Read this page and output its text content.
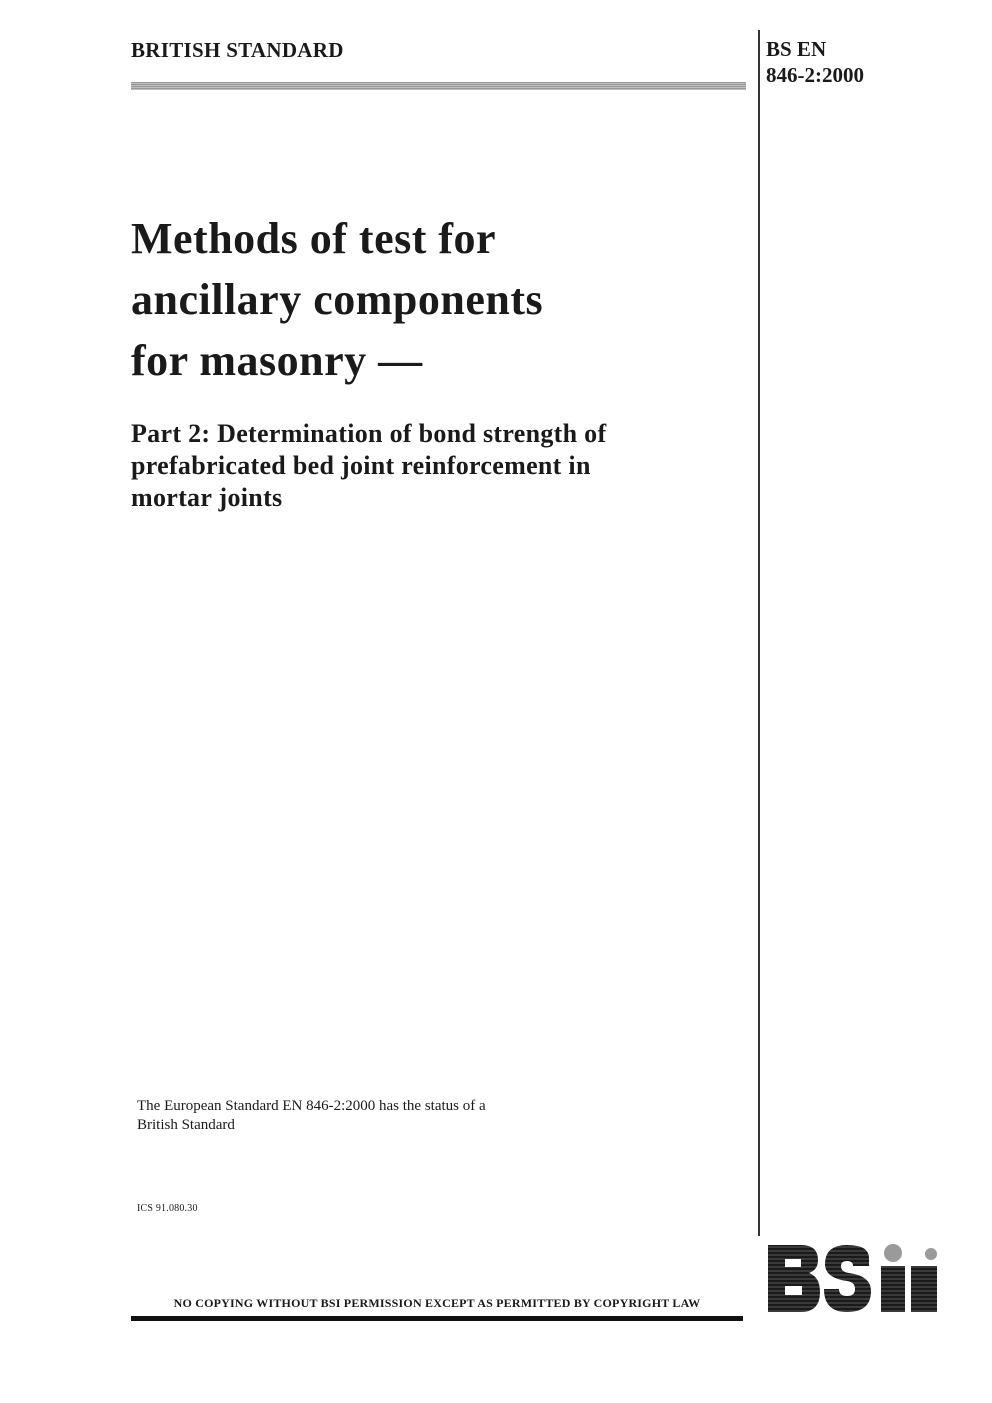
BRITISH STANDARD	BS EN
846-2:2000
Methods of test for
ancillary components
for masonry —
Part 2: Determination of bond strength of
prefabricated bed joint reinforcement in
mortar joints
The European Standard EN 846-2:2000 has the status of a
British Standard
ICS 91.080.30
NO COPYING WITHOUT BSI PERMISSION EXCEPT AS PERMITTED BY COPYRIGHT LAW
